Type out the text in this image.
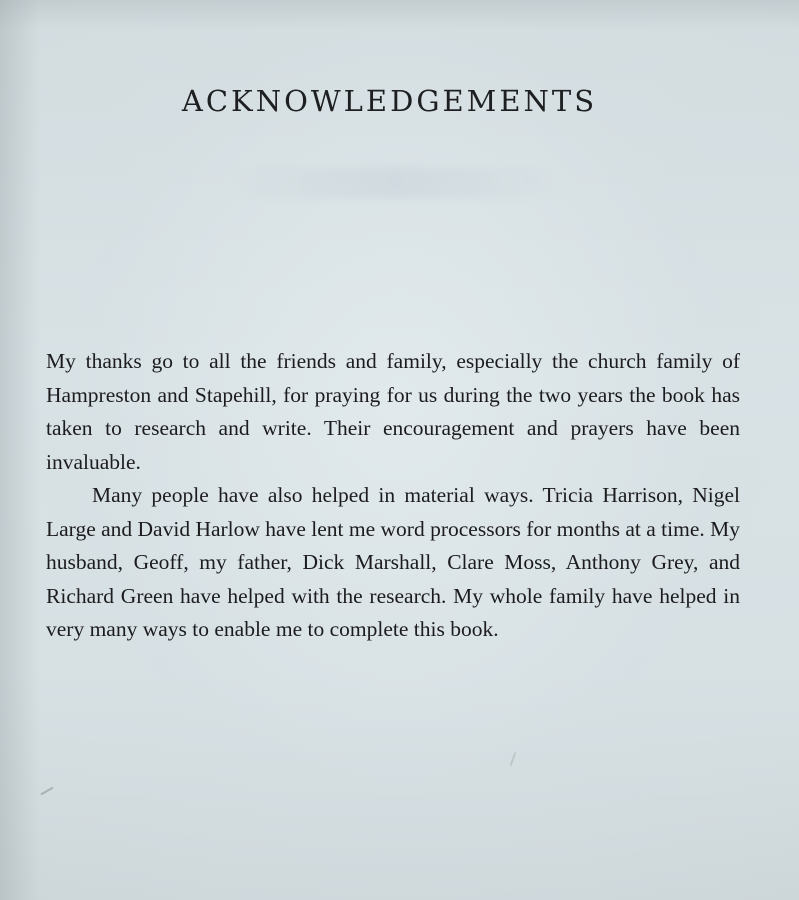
ACKNOWLEDGEMENTS

My thanks go to all the friends and family, especially the church family of Hampreston and Stapehill, for praying for us during the two years the book has taken to research and write. Their encouragement and prayers have been invaluable.

Many people have also helped in material ways. Tricia Harrison, Nigel Large and David Harlow have lent me word processors for months at a time. My husband, Geoff, my father, Dick Marshall, Clare Moss, Anthony Grey, and Richard Green have helped with the research. My whole family have helped in very many ways to enable me to complete this book.
